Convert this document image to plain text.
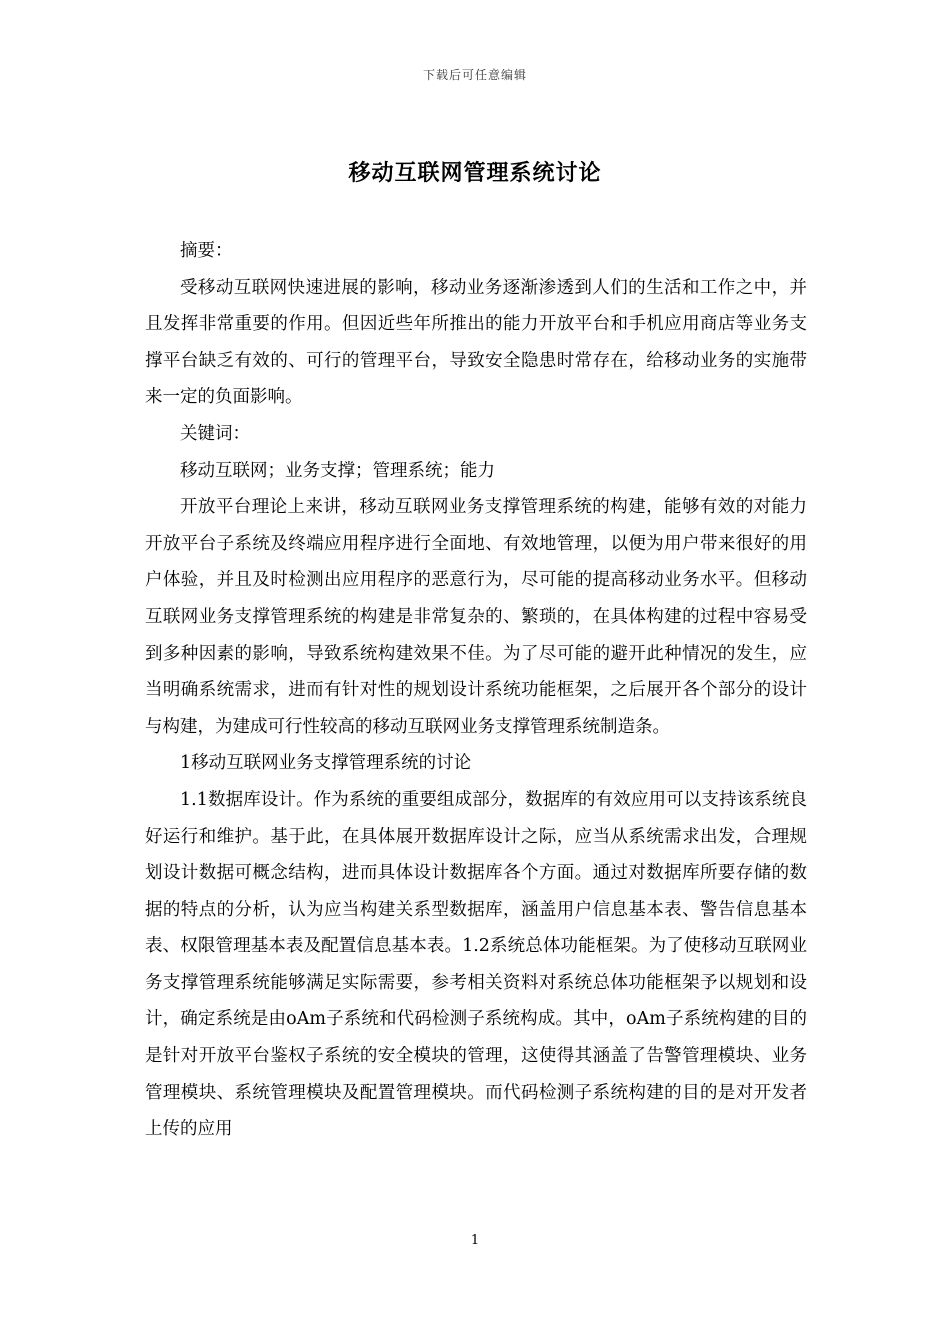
下载后可任意编辑
移动互联网管理系统讨论

摘要：

受移动互联网快速进展的影响，移动业务逐渐渗透到人们的生活和工作之中，并且发挥非常重要的作用。但因近些年所推出的能力开放平台和手机应用商店等业务支撑平台缺乏有效的、可行的管理平台，导致安全隐患时常存在，给移动业务的实施带来一定的负面影响。

关键词：

移动互联网；业务支撑；管理系统；能力

开放平台理论上来讲，移动互联网业务支撑管理系统的构建，能够有效的对能力开放平台子系统及终端应用程序进行全面地、有效地管理，以便为用户带来很好的用户体验，并且及时检测出应用程序的恶意行为，尽可能的提高移动业务水平。但移动互联网业务支撑管理系统的构建是非常复杂的、繁琐的，在具体构建的过程中容易受到多种因素的影响，导致系统构建效果不佳。为了尽可能的避开此种情况的发生，应当明确系统需求，进而有针对性的规划设计系统功能框架，之后展开各个部分的设计与构建，为建成可行性较高的移动互联网业务支撑管理系统制造条。

1移动互联网业务支撑管理系统的讨论

1.1数据库设计。作为系统的重要组成部分，数据库的有效应用可以支持该系统良好运行和维护。基于此，在具体展开数据库设计之际，应当从系统需求出发，合理规划设计数据可概念结构，进而具体设计数据库各个方面。通过对数据库所要存储的数据的特点的分析，认为应当构建关系型数据库，涵盖用户信息基本表、警告信息基本表、权限管理基本表及配置信息基本表。1.2系统总体功能框架。为了使移动互联网业务支撑管理系统能够满足实际需要，参考相关资料对系统总体功能框架予以规划和设计，确定系统是由oAm子系统和代码检测子系统构成。其中，oAm子系统构建的目的是针对开放平台鉴权子系统的安全模块的管理，这使得其涵盖了告警管理模块、业务管理模块、系统管理模块及配置管理模块。而代码检测子系统构建的目的是对开发者上传的应用

1
